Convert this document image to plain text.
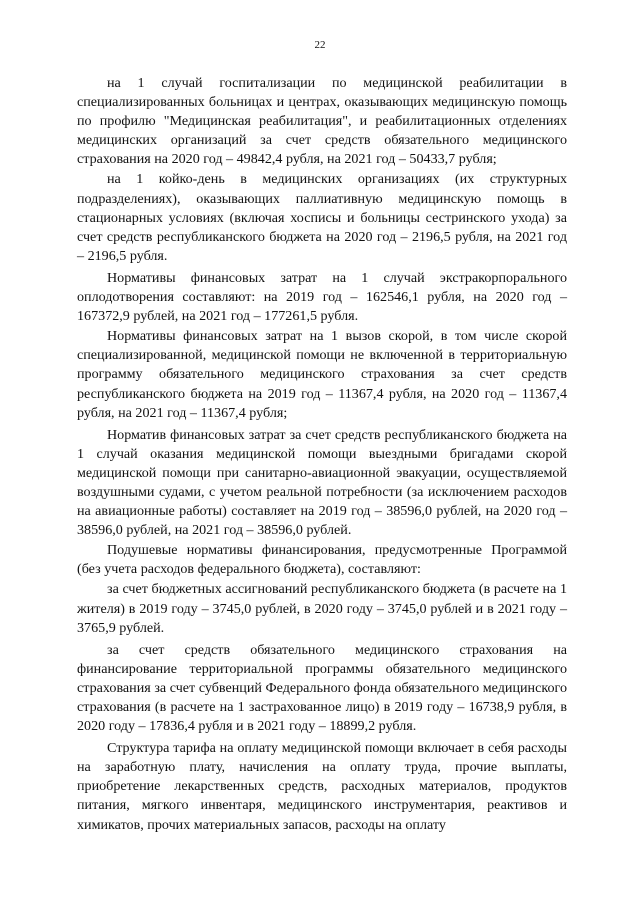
22

на 1 случай госпитализации по медицинской реабилитации в специализированных больницах и центрах, оказывающих медицинскую помощь по профилю "Медицинская реабилитация", и реабилитационных отделениях медицинских организаций за счет средств обязательного медицинского страхования на 2020 год – 49842,4 рубля, на 2021 год – 50433,7 рубля;

на 1 койко-день в медицинских организациях (их структурных подразделениях), оказывающих паллиативную медицинскую помощь в стационарных условиях (включая хосписы и больницы сестринского ухода) за счет средств республиканского бюджета на 2020 год – 2196,5 рубля, на 2021 год – 2196,5 рубля.

Нормативы финансовых затрат на 1 случай экстракорпорального оплодотворения составляют: на 2019 год – 162546,1 рубля, на 2020 год – 167372,9 рублей, на 2021 год – 177261,5 рубля.

Нормативы финансовых затрат на 1 вызов скорой, в том числе скорой специализированной, медицинской помощи не включенной в территориальную программу обязательного медицинского страхования за счет средств республиканского бюджета на 2019 год – 11367,4 рубля, на 2020 год – 11367,4 рубля, на 2021 год – 11367,4 рубля;

Норматив финансовых затрат за счет средств республиканского бюджета на 1 случай оказания медицинской помощи выездными бригадами скорой медицинской помощи при санитарно-авиационной эвакуации, осуществляемой воздушными судами, с учетом реальной потребности (за исключением расходов на авиационные работы) составляет на 2019 год – 38596,0 рублей, на 2020 год – 38596,0 рублей, на 2021 год – 38596,0 рублей.

Подушевые нормативы финансирования, предусмотренные Программой (без учета расходов федерального бюджета), составляют:

за счет бюджетных ассигнований республиканского бюджета (в расчете на 1 жителя) в 2019 году – 3745,0 рублей, в 2020 году – 3745,0 рублей и в 2021 году – 3765,9 рублей.

за счет средств обязательного медицинского страхования на финансирование территориальной программы обязательного медицинского страхования за счет субвенций Федерального фонда обязательного медицинского страхования (в расчете на 1 застрахованное лицо) в 2019 году – 16738,9 рубля, в 2020 году – 17836,4 рубля и в 2021 году – 18899,2 рубля.

Структура тарифа на оплату медицинской помощи включает в себя расходы на заработную плату, начисления на оплату труда, прочие выплаты, приобретение лекарственных средств, расходных материалов, продуктов питания, мягкого инвентаря, медицинского инструментария, реактивов и химикатов, прочих материальных запасов, расходы на оплату
